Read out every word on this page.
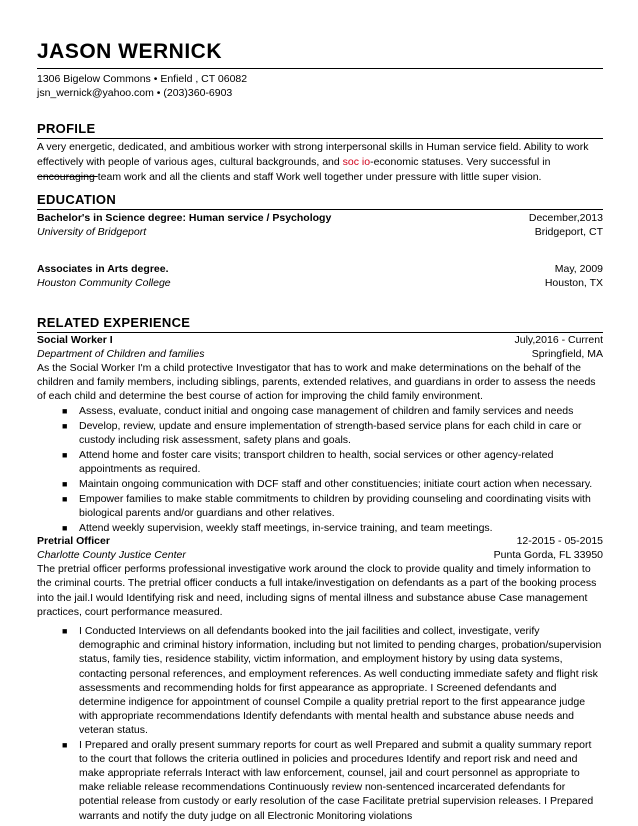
JASON WERNICK
1306 Bigelow Commons • Enfield , CT 06082
jsn_wernick@yahoo.com • (203)360-6903
PROFILE
A very energetic, dedicated, and ambitious worker with strong interpersonal skills in Human service field. Ability to work
effectively with people of various ages, cultural backgrounds, and soc io-economic statuses. Very successful in
encouraging team work and all the clients and staff Work well together under pressure with little super vision.
EDUCATION
Bachelor's in Science degree: Human service / Psychology	December,2013
University of Bridgeport	Bridgeport, CT
Associates in Arts degree.	May, 2009
Houston Community College	Houston, TX
RELATED EXPERIENCE
Social Worker I	July,2016 - Current
Department of Children and families	Springfield, MA
As the Social Worker I'm a child protective Investigator that has to work and make determinations on the behalf of the
children and family members, including siblings, parents, extended relatives, and guardians in order to assess the needs
of each child and determine the best course of action for improving the child family environment.
■ Assess, evaluate, conduct initial and ongoing case management of children and family services and needs
■ Develop, review, update and ensure implementation of strength-based service plans for each child in care or custody including risk assessment, safety plans and goals.
■ Attend home and foster care visits; transport children to health, social services or other agency-related appointments as required.
■ Maintain ongoing communication with DCF staff and other constituencies; initiate court action when necessary.
■ Empower families to make stable commitments to children by providing counseling and coordinating visits with biological parents and/or guardians and other relatives.
■ Attend weekly supervision, weekly staff meetings, in-service training, and team meetings.
Pretrial Officer	12-2015 - 05-2015
Charlotte County Justice Center	Punta Gorda, FL 33950
The pretrial officer performs professional investigative work around the clock to provide quality and timely information to the criminal courts. The pretrial officer conducts a full intake/investigation on defendants as a part of the booking process into the jail.I would Identifying risk and need, including signs of mental illness and substance abuse Case management practices, court performance measured.
■ I Conducted Interviews on all defendants booked into the jail facilities and collect, investigate, verify demographic and criminal history information, including but not limited to pending charges, probation/supervision status, family ties, residence stability, victim information, and employment history by using data systems, contacting personal references, and employment references. As well conducting immediate safety and flight risk assessments and recommending holds for first appearance as appropriate. I Screened defendants and determine indigence for appointment of counsel Compile a quality pretrial report to the first appearance judge with appropriate recommendations Identify defendants with mental health and substance abuse needs and veteran status.
■ I Prepared and orally present summary reports for court as well Prepared and submit a quality summary report to the court that follows the criteria outlined in policies and procedures Identify and report risk and need and make appropriate referrals Interact with law enforcement, counsel, jail and court personnel as appropriate to make reliable release recommendations Continuously review non-sentenced incarcerated defendants for potential release from custody or early resolution of the case Facilitate pretrial supervision releases. I Prepared warrants and notify the duty judge on all Electronic Monitoring violations
